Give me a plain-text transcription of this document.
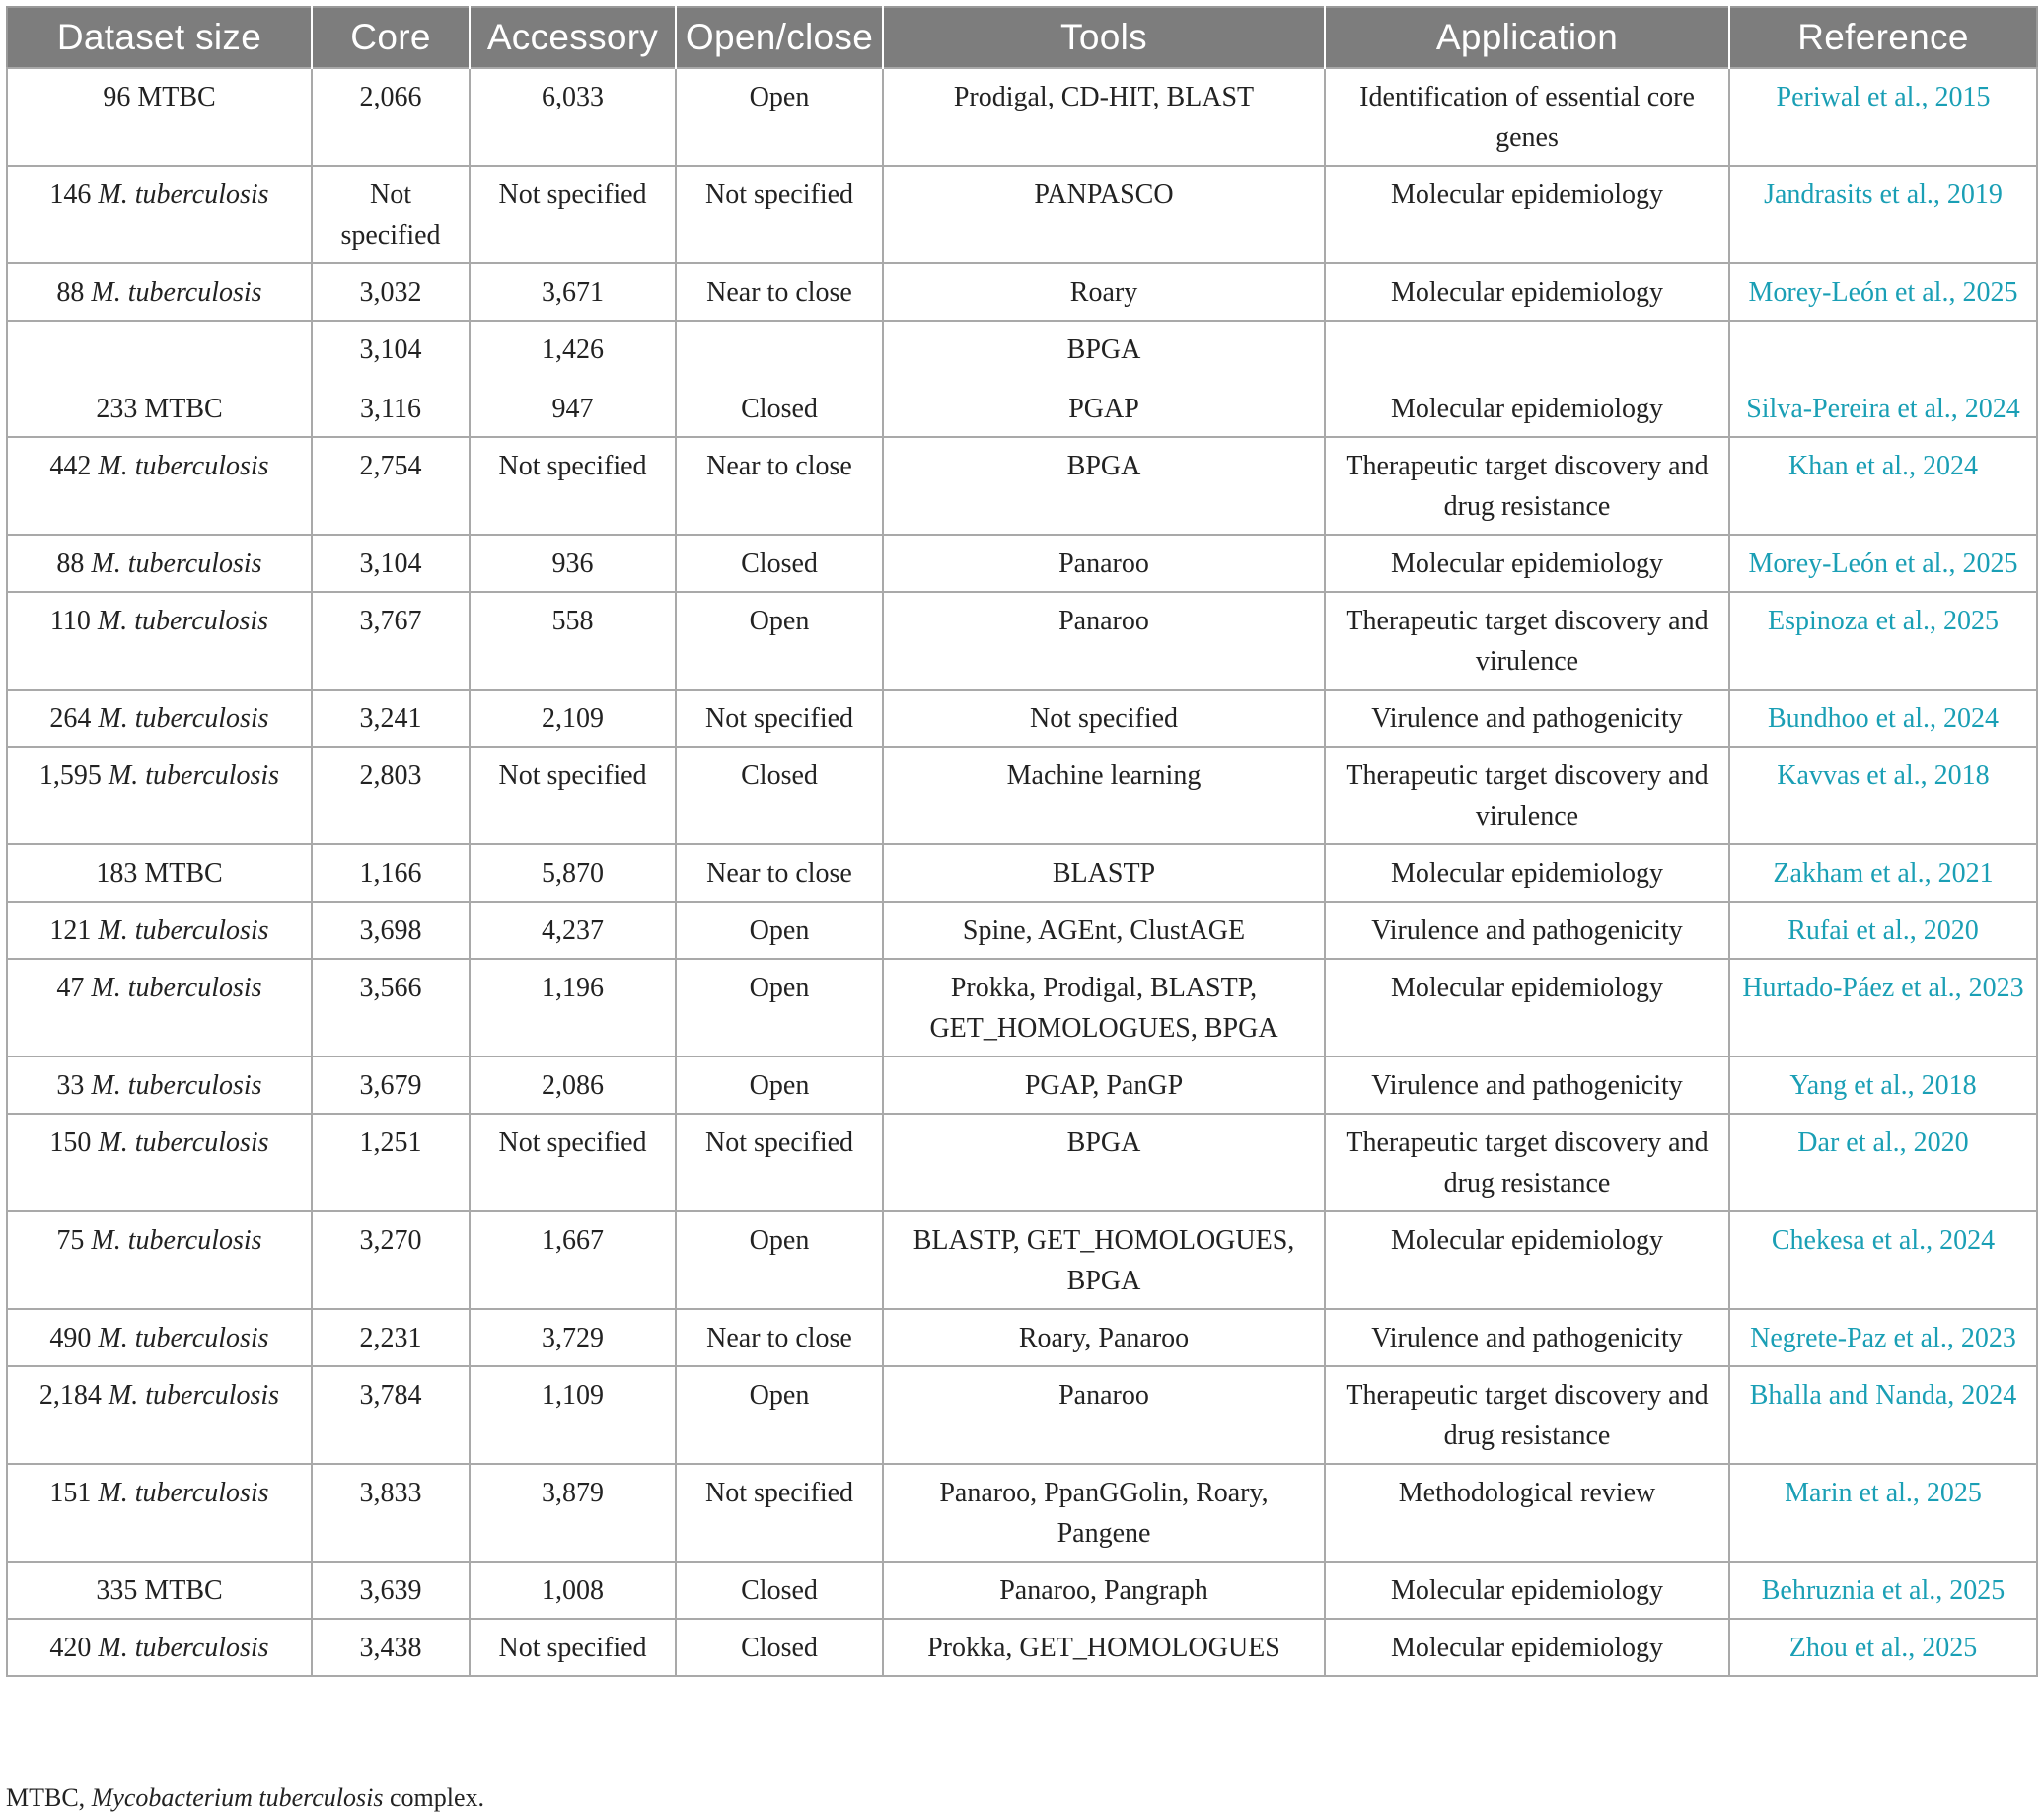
Dataset size	Core	Accessory	Open/close	Tools	Application	Reference
96 MTBC	2,066	6,033	Open	Prodigal, CD-HIT, BLAST	Identification of essential core genes	Periwal et al., 2015
146 M. tuberculosis	Not specified	Not specified	Not specified	PANPASCO	Molecular epidemiology	Jandrasits et al., 2019
88 M. tuberculosis	3,032	3,671	Near to close	Roary	Molecular epidemiology	Morey-León et al., 2025
	3,104	1,426		BPGA		
233 MTBC	3,116	947	Closed	PGAP	Molecular epidemiology	Silva-Pereira et al., 2024
442 M. tuberculosis	2,754	Not specified	Near to close	BPGA	Therapeutic target discovery and drug resistance	Khan et al., 2024
88 M. tuberculosis	3,104	936	Closed	Panaroo	Molecular epidemiology	Morey-León et al., 2025
110 M. tuberculosis	3,767	558	Open	Panaroo	Therapeutic target discovery and virulence	Espinoza et al., 2025
264 M. tuberculosis	3,241	2,109	Not specified	Not specified	Virulence and pathogenicity	Bundhoo et al., 2024
1,595 M. tuberculosis	2,803	Not specified	Closed	Machine learning	Therapeutic target discovery and virulence	Kavvas et al., 2018
183 MTBC	1,166	5,870	Near to close	BLASTP	Molecular epidemiology	Zakham et al., 2021
121 M. tuberculosis	3,698	4,237	Open	Spine, AGEnt, ClustAGE	Virulence and pathogenicity	Rufai et al., 2020
47 M. tuberculosis	3,566	1,196	Open	Prokka, Prodigal, BLASTP, GET_HOMOLOGUES, BPGA	Molecular epidemiology	Hurtado-Páez et al., 2023
33 M. tuberculosis	3,679	2,086	Open	PGAP, PanGP	Virulence and pathogenicity	Yang et al., 2018
150 M. tuberculosis	1,251	Not specified	Not specified	BPGA	Therapeutic target discovery and drug resistance	Dar et al., 2020
75 M. tuberculosis	3,270	1,667	Open	BLASTP, GET_HOMOLOGUES, BPGA	Molecular epidemiology	Chekesa et al., 2024
490 M. tuberculosis	2,231	3,729	Near to close	Roary, Panaroo	Virulence and pathogenicity	Negrete-Paz et al., 2023
2,184 M. tuberculosis	3,784	1,109	Open	Panaroo	Therapeutic target discovery and drug resistance	Bhalla and Nanda, 2024
151 M. tuberculosis	3,833	3,879	Not specified	Panaroo, PpanGGolin, Roary, Pangene	Methodological review	Marin et al., 2025
335 MTBC	3,639	1,008	Closed	Panaroo, Pangraph	Molecular epidemiology	Behruznia et al., 2025
420 M. tuberculosis	3,438	Not specified	Closed	Prokka, GET_HOMOLOGUES	Molecular epidemiology	Zhou et al., 2025
MTBC, Mycobacterium tuberculosis complex.
